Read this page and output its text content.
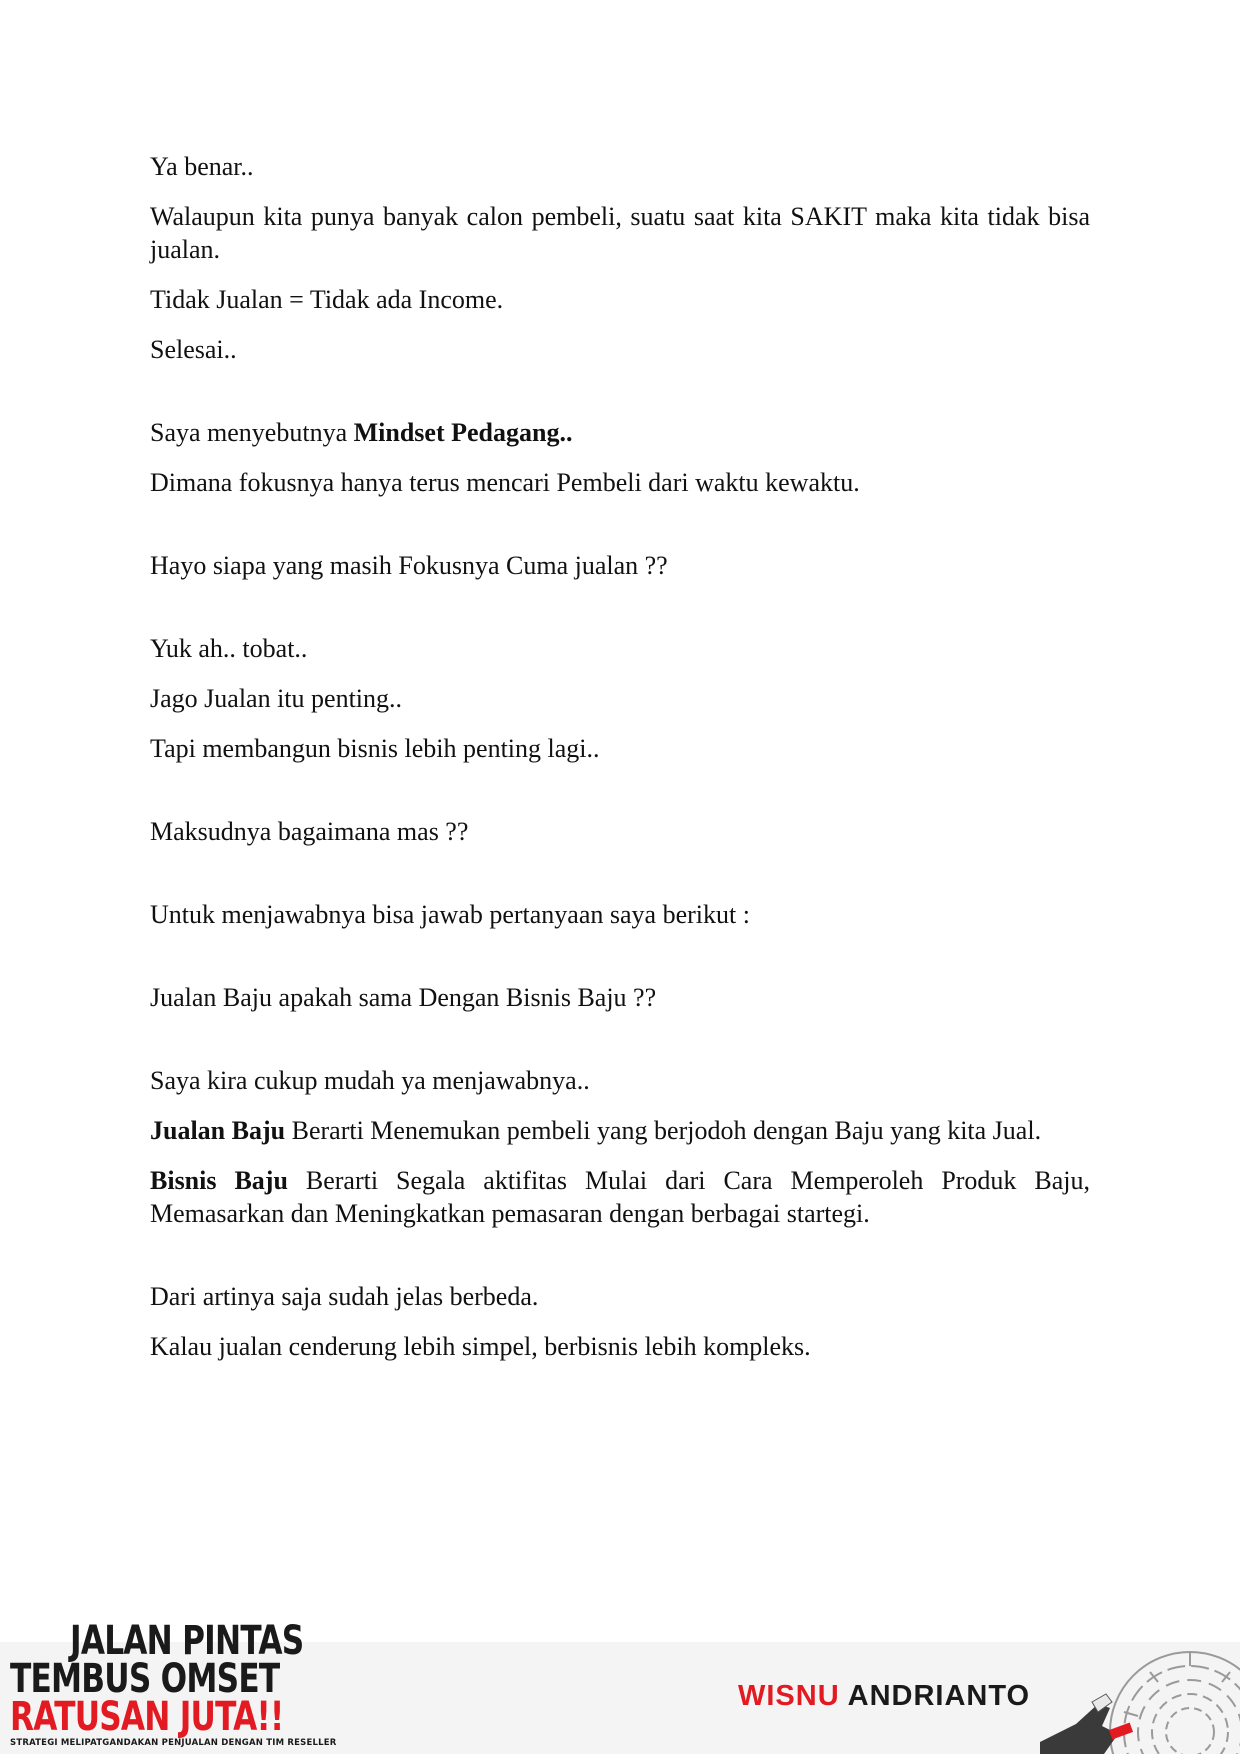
Ya benar..

Walaupun kita punya banyak calon pembeli, suatu saat kita SAKIT maka kita tidak bisa jualan.

Tidak Jualan = Tidak ada Income.

Selesai..

Saya menyebutnya Mindset Pedagang..

Dimana fokusnya hanya terus mencari Pembeli dari waktu kewaktu.

Hayo siapa yang masih Fokusnya Cuma jualan ??

Yuk ah.. tobat..

Jago Jualan itu penting..

Tapi membangun bisnis lebih penting lagi..

Maksudnya bagaimana mas ??

Untuk menjawabnya bisa jawab pertanyaan saya berikut :

Jualan Baju apakah sama Dengan Bisnis Baju ??

Saya kira cukup mudah ya menjawabnya..

Jualan Baju Berarti Menemukan pembeli yang berjodoh dengan Baju yang kita Jual.

Bisnis Baju Berarti Segala aktifitas Mulai dari Cara Memperoleh Produk Baju, Memasarkan dan Meningkatkan pemasaran dengan berbagai startegi.

Dari artinya saja sudah jelas berbeda.

Kalau jualan cenderung lebih simpel, berbisnis lebih kompleks.

JALAN PINTAS
TEMBUS OMSET
RATUSAN JUTA!!
STRATEGI MELIPATGANDAKAN PENJUALAN DENGAN TIM RESELLER
WISNU ANDRIANTO
